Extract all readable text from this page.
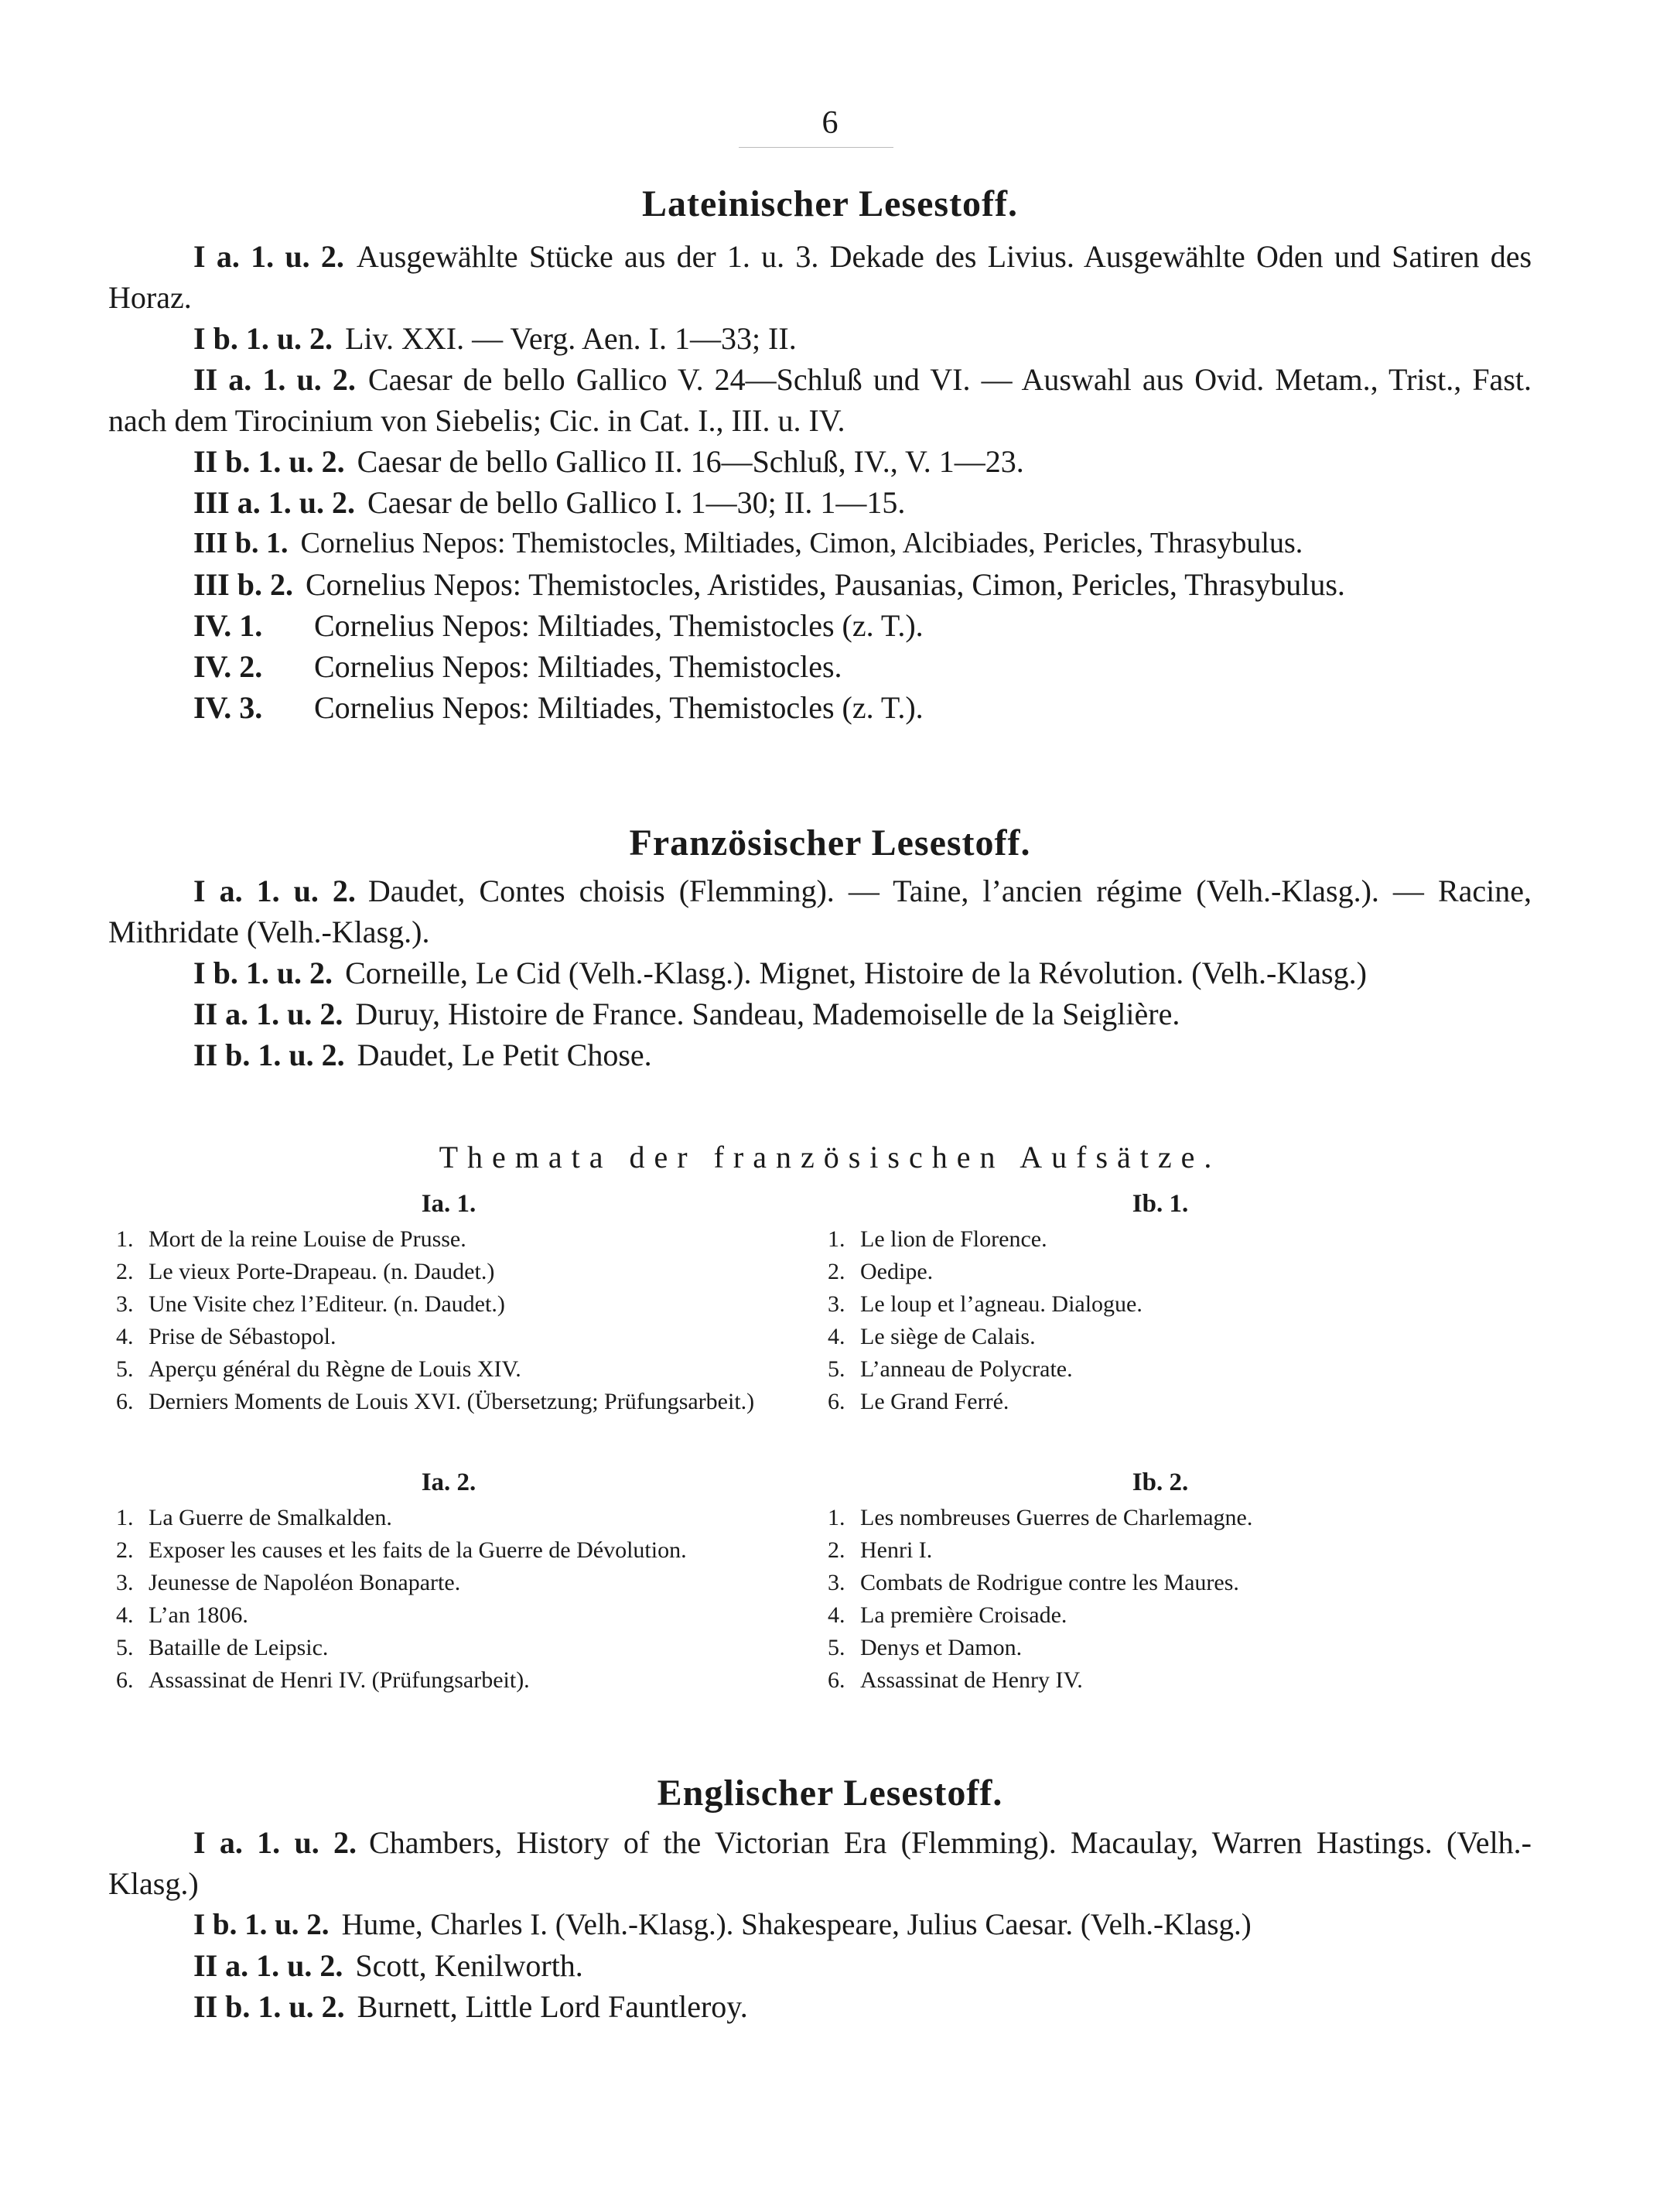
6
Lateinischer Lesestoff.

I a. 1. u. 2. Ausgewählte Stücke aus der 1. u. 3. Dekade des Livius. Ausgewählte Oden und Satiren des Horaz.

I b. 1. u. 2. Liv. XXI. — Verg. Aen. I. 1—33; II.

II a. 1. u. 2. Caesar de bello Gallico V. 24—Schluß und VI. — Auswahl aus Ovid. Metam., Trist., Fast. nach dem Tirocinium von Siebelis; Cic. in Cat. I., III. u. IV.

II b. 1. u. 2. Caesar de bello Gallico II. 16—Schluß, IV., V. 1—23.

III a. 1. u. 2. Caesar de bello Gallico I. 1—30; II. 1—15.

III b. 1. Cornelius Nepos: Themistocles, Miltiades, Cimon, Alcibiades, Pericles, Thrasybulus.

III b. 2. Cornelius Nepos: Themistocles, Aristides, Pausanias, Cimon, Pericles, Thrasybulus.

IV. 1. Cornelius Nepos: Miltiades, Themistocles (z. T.).

IV. 2. Cornelius Nepos: Miltiades, Themistocles.

IV. 3. Cornelius Nepos: Miltiades, Themistocles (z. T.).

Französischer Lesestoff.

I a. 1. u. 2. Daudet, Contes choisis (Flemming). — Taine, l’ancien régime (Velh.-Klasg.). — Racine, Mithridate (Velh.-Klasg.).

I b. 1. u. 2. Corneille, Le Cid (Velh.-Klasg.). Mignet, Histoire de la Révolution. (Velh.-Klasg.)

II a. 1. u. 2. Duruy, Histoire de France. Sandeau, Mademoiselle de la Seiglière.

II b. 1. u. 2. Daudet, Le Petit Chose.

Themata der französischen Aufsätze.
Ia. 1.
1. Mort de la reine Louise de Prusse.
2. Le vieux Porte-Drapeau. (n. Daudet.)
3. Une Visite chez l’Editeur. (n. Daudet.)
4. Prise de Sébastopol.
5. Aperçu général du Règne de Louis XIV.
6. Derniers Moments de Louis XVI. (Übersetzung; Prüfungsarbeit.)
Ib. 1.
1. Le lion de Florence.
2. Oedipe.
3. Le loup et l’agneau. Dialogue.
4. Le siège de Calais.
5. L’anneau de Polycrate.
6. Le Grand Ferré.
Ia. 2.
1. La Guerre de Smalkalden.
2. Exposer les causes et les faits de la Guerre de Dévolution.
3. Jeunesse de Napoléon Bonaparte.
4. L’an 1806.
5. Bataille de Leipsic.
6. Assassinat de Henri IV. (Prüfungsarbeit).
Ib. 2.
1. Les nombreuses Guerres de Charlemagne.
2. Henri I.
3. Combats de Rodrigue contre les Maures.
4. La première Croisade.
5. Denys et Damon.
6. Assassinat de Henry IV.
Englischer Lesestoff.

I a. 1. u. 2. Chambers, History of the Victorian Era (Flemming). Macaulay, Warren Hastings. (Velh.-Klasg.)

I b. 1. u. 2. Hume, Charles I. (Velh.-Klasg.). Shakespeare, Julius Caesar. (Velh.-Klasg.)

II a. 1. u. 2. Scott, Kenilworth.

II b. 1. u. 2. Burnett, Little Lord Fauntleroy.
